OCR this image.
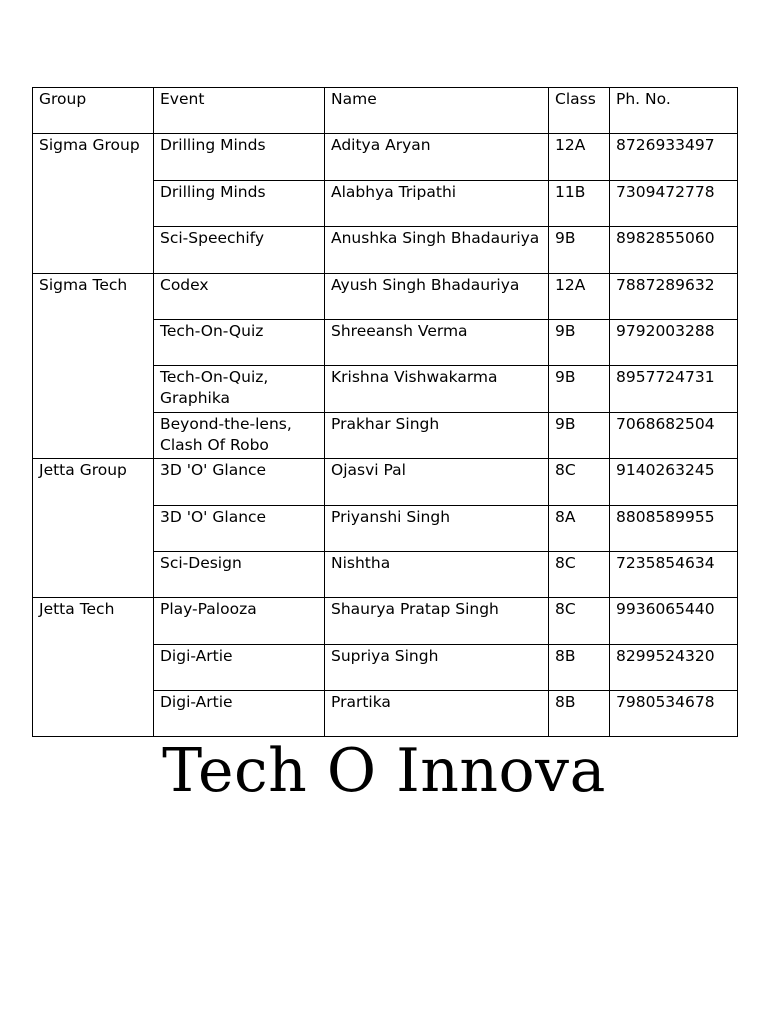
Group	Event	Name	Class	Ph. No.
Sigma Group	Drilling Minds	Aditya Aryan	12A	8726933497
	Drilling Minds	Alabhya Tripathi	11B	7309472778
	Sci-Speechify	Anushka Singh Bhadauriya	9B	8982855060
Sigma Tech	Codex	Ayush Singh Bhadauriya	12A	7887289632
	Tech-On-Quiz	Shreeansh Verma	9B	9792003288
	Tech-On-Quiz, Graphika	Krishna Vishwakarma	9B	8957724731
	Beyond-the-lens, Clash Of Robo	Prakhar Singh	9B	7068682504
Jetta Group	3D 'O' Glance	Ojasvi Pal	8C	9140263245
	3D 'O' Glance	Priyanshi Singh	8A	8808589955
	Sci-Design	Nishtha	8C	7235854634
Jetta Tech	Play-Palooza	Shaurya Pratap Singh	8C	9936065440
	Digi-Artie	Supriya Singh	8B	8299524320
	Digi-Artie	Prartika	8B	7980534678
Tech O Innova
